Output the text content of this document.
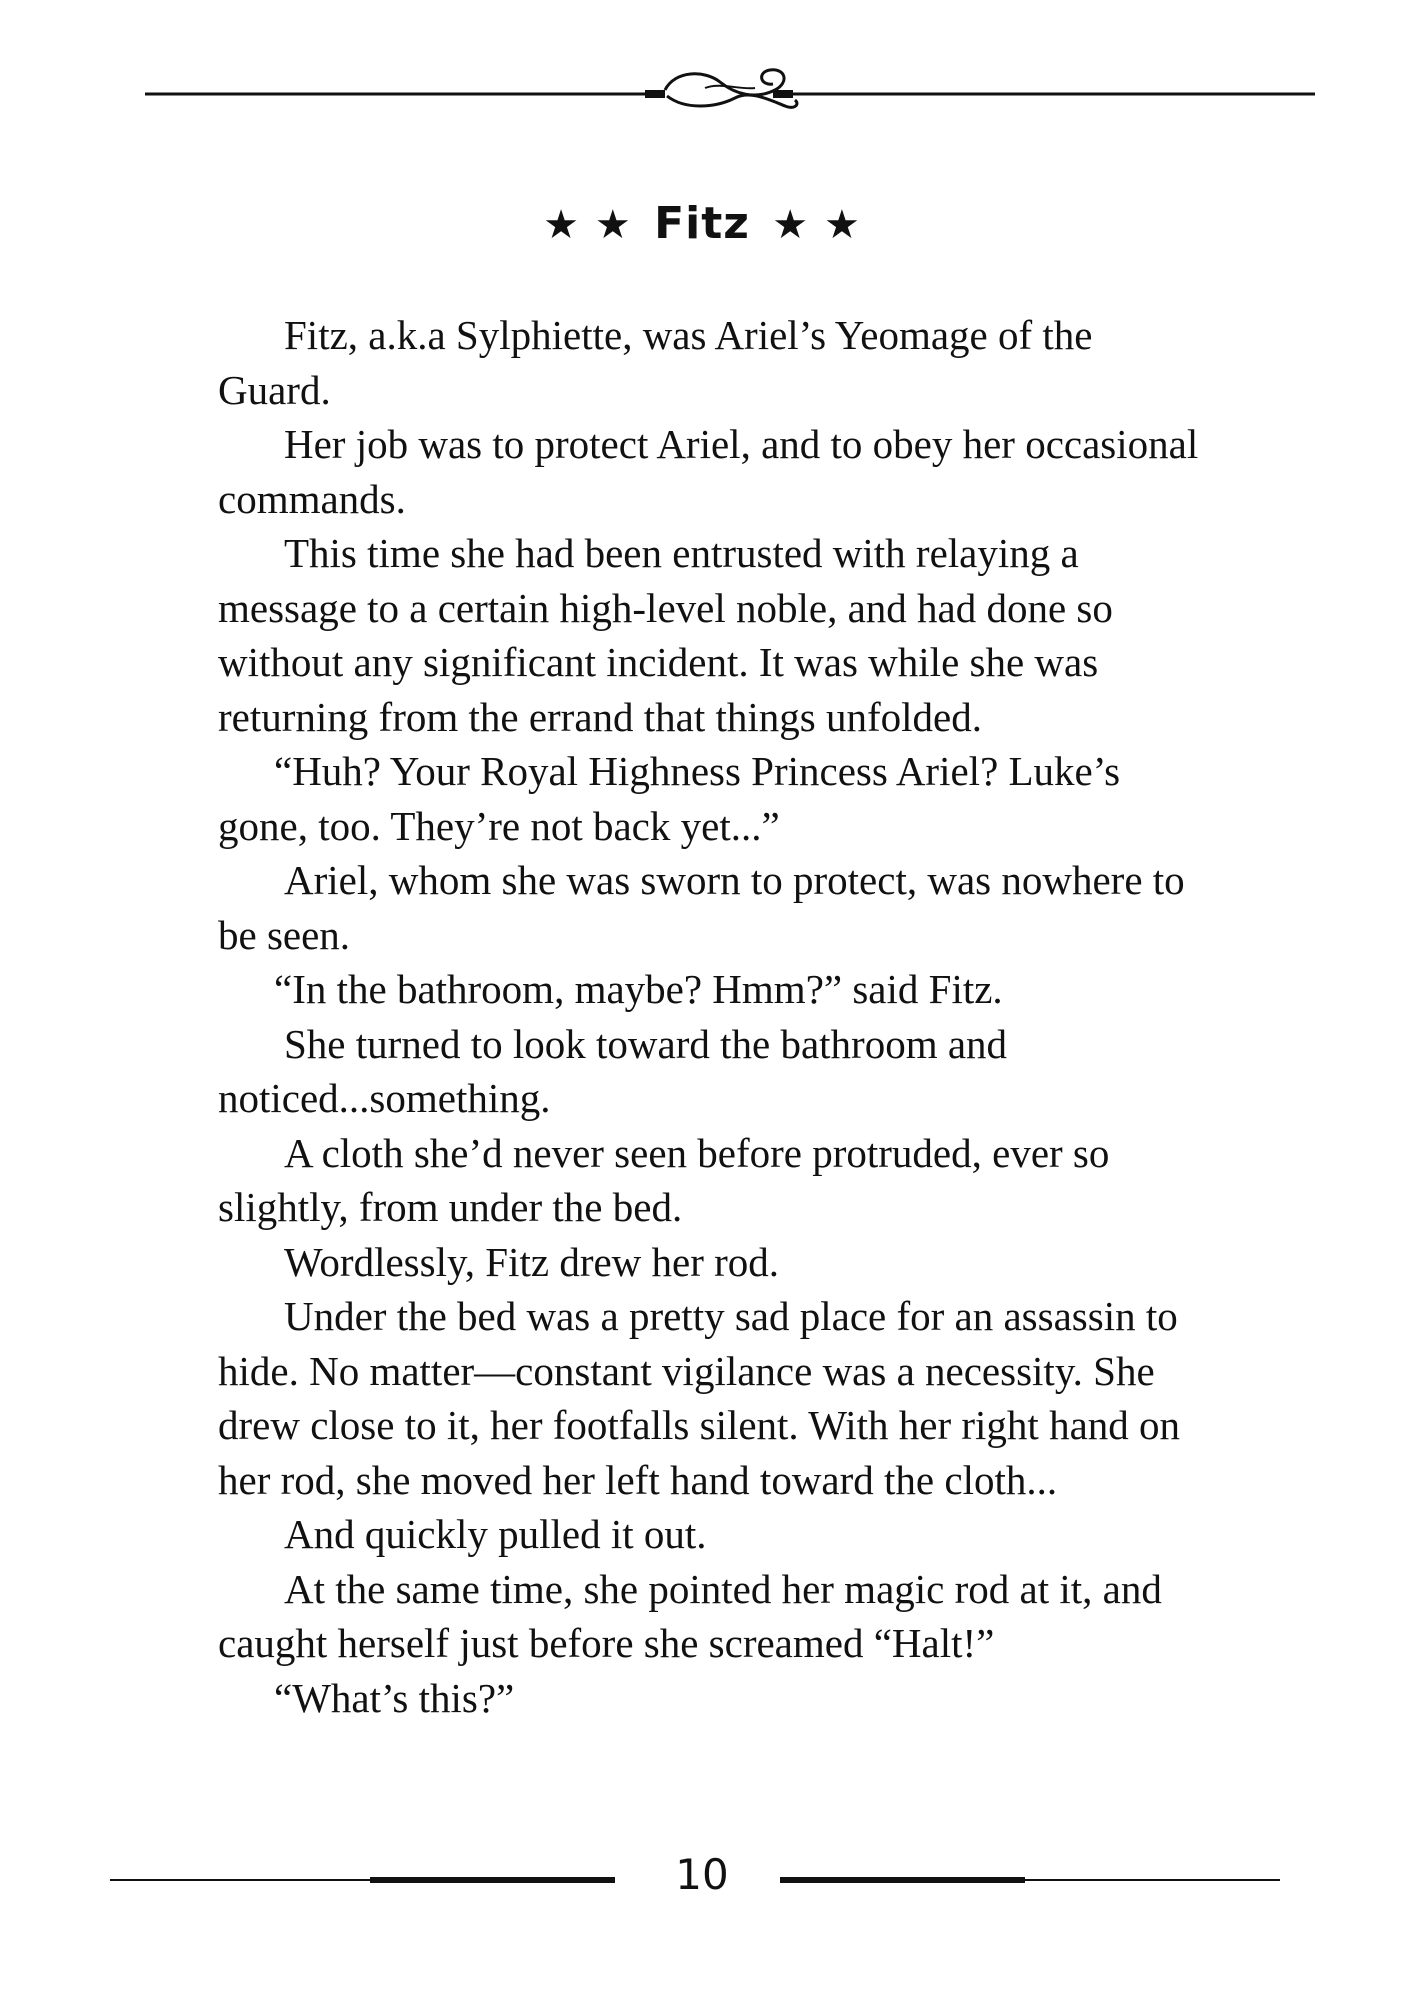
★ ★ Fitz ★ ★

Fitz, a.k.a Sylphiette, was Ariel’s Yeomage of the Guard.

Her job was to protect Ariel, and to obey her occasional commands.

This time she had been entrusted with relaying a message to a certain high-level noble, and had done so without any significant incident. It was while she was returning from the errand that things unfolded.

“Huh? Your Royal Highness Princess Ariel? Luke’s gone, too. They’re not back yet...”

Ariel, whom she was sworn to protect, was nowhere to be seen.

“In the bathroom, maybe? Hmm?” said Fitz.

She turned to look toward the bathroom and noticed...something.

A cloth she’d never seen before protruded, ever so slightly, from under the bed.

Wordlessly, Fitz drew her rod.

Under the bed was a pretty sad place for an assassin to hide. No matter—constant vigilance was a necessity. She drew close to it, her footfalls silent. With her right hand on her rod, she moved her left hand toward the cloth...

And quickly pulled it out.

At the same time, she pointed her magic rod at it, and caught herself just before she screamed “Halt!”

“What’s this?”

10
